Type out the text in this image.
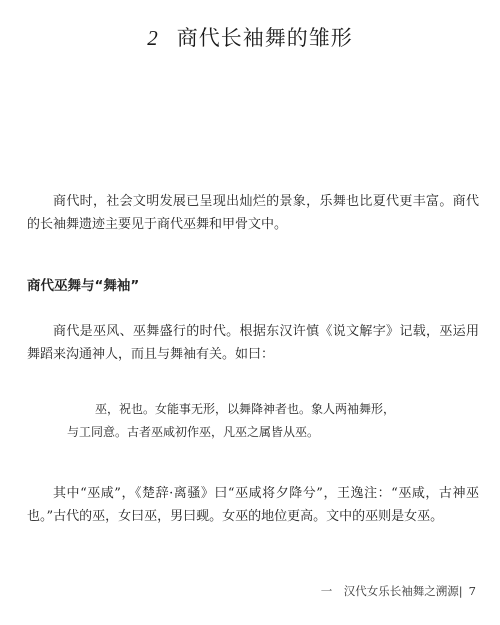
2 商代长袖舞的雏形

商代时，社会文明发展已呈现出灿烂的景象，乐舞也比夏代更丰富。商代的长袖舞遗迹主要见于商代巫舞和甲骨文中。

商代巫舞与“舞袖”

商代是巫风、巫舞盛行的时代。根据东汉许慎《说文解字》记载，巫运用舞蹈来沟通神人，而且与舞袖有关。如曰：

巫，祝也。女能事无形，以舞降神者也。象人两袖舞形，
与工同意。古者巫咸初作巫，凡巫之属皆从巫。

其中“巫咸”，《楚辞·离骚》曰“巫咸将夕降兮”，王逸注：“巫咸，古神巫也。”古代的巫，女曰巫，男曰觋。女巫的地位更高。文中的巫则是女巫。

一　汉代女乐长袖舞之溯源| 7
